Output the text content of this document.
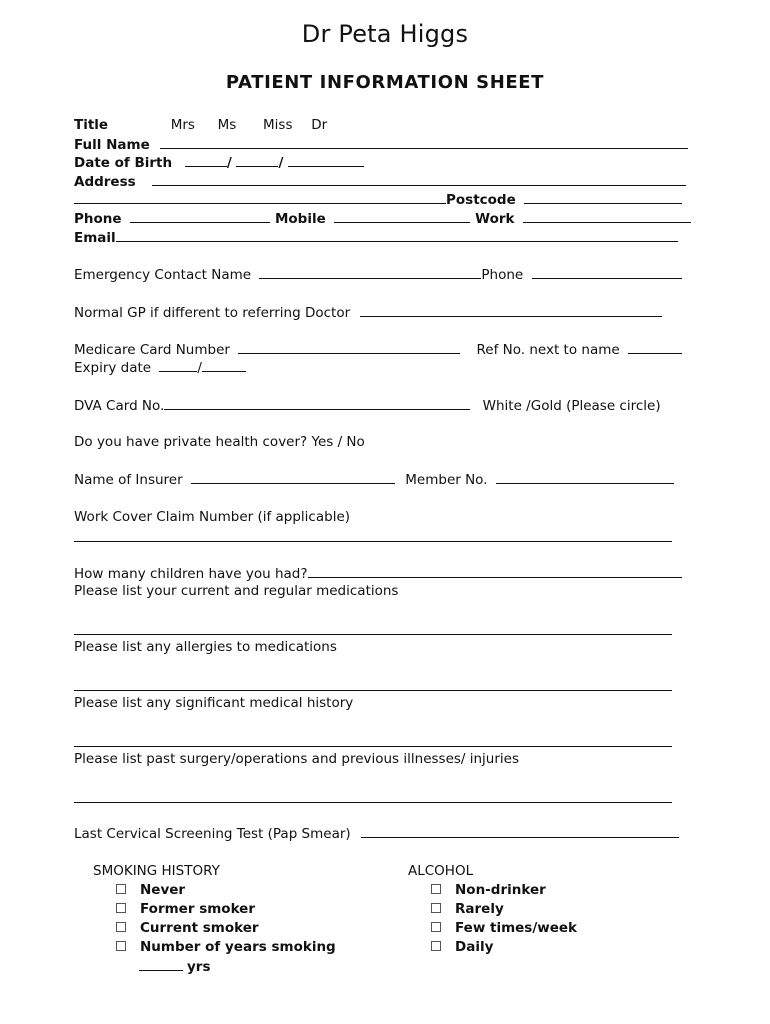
Dr Peta Higgs
PATIENT INFORMATION SHEET
Title	Mrs Ms Miss Dr
Full Name
Date of Birth	/	/
Address
Postcode
Phone	Mobile	Work
Email
Emergency Contact Name	Phone
Normal GP if different to referring Doctor
Medicare Card Number	Ref No. next to name
Expiry date	/
DVA Card No.	White /Gold (Please circle)
Do you have private health cover? Yes / No
Name of Insurer	Member No.
Work Cover Claim Number (if applicable)
How many children have you had?
Please list your current and regular medications
Please list any allergies to medications
Please list any significant medical history
Please list past surgery/operations and previous illnesses/ injuries
Last Cervical Screening Test (Pap Smear)
SMOKING HISTORY
Never
Former smoker
Current smoker
Number of years smoking
yrs
ALCOHOL
Non-drinker
Rarely
Few times/week
Daily
